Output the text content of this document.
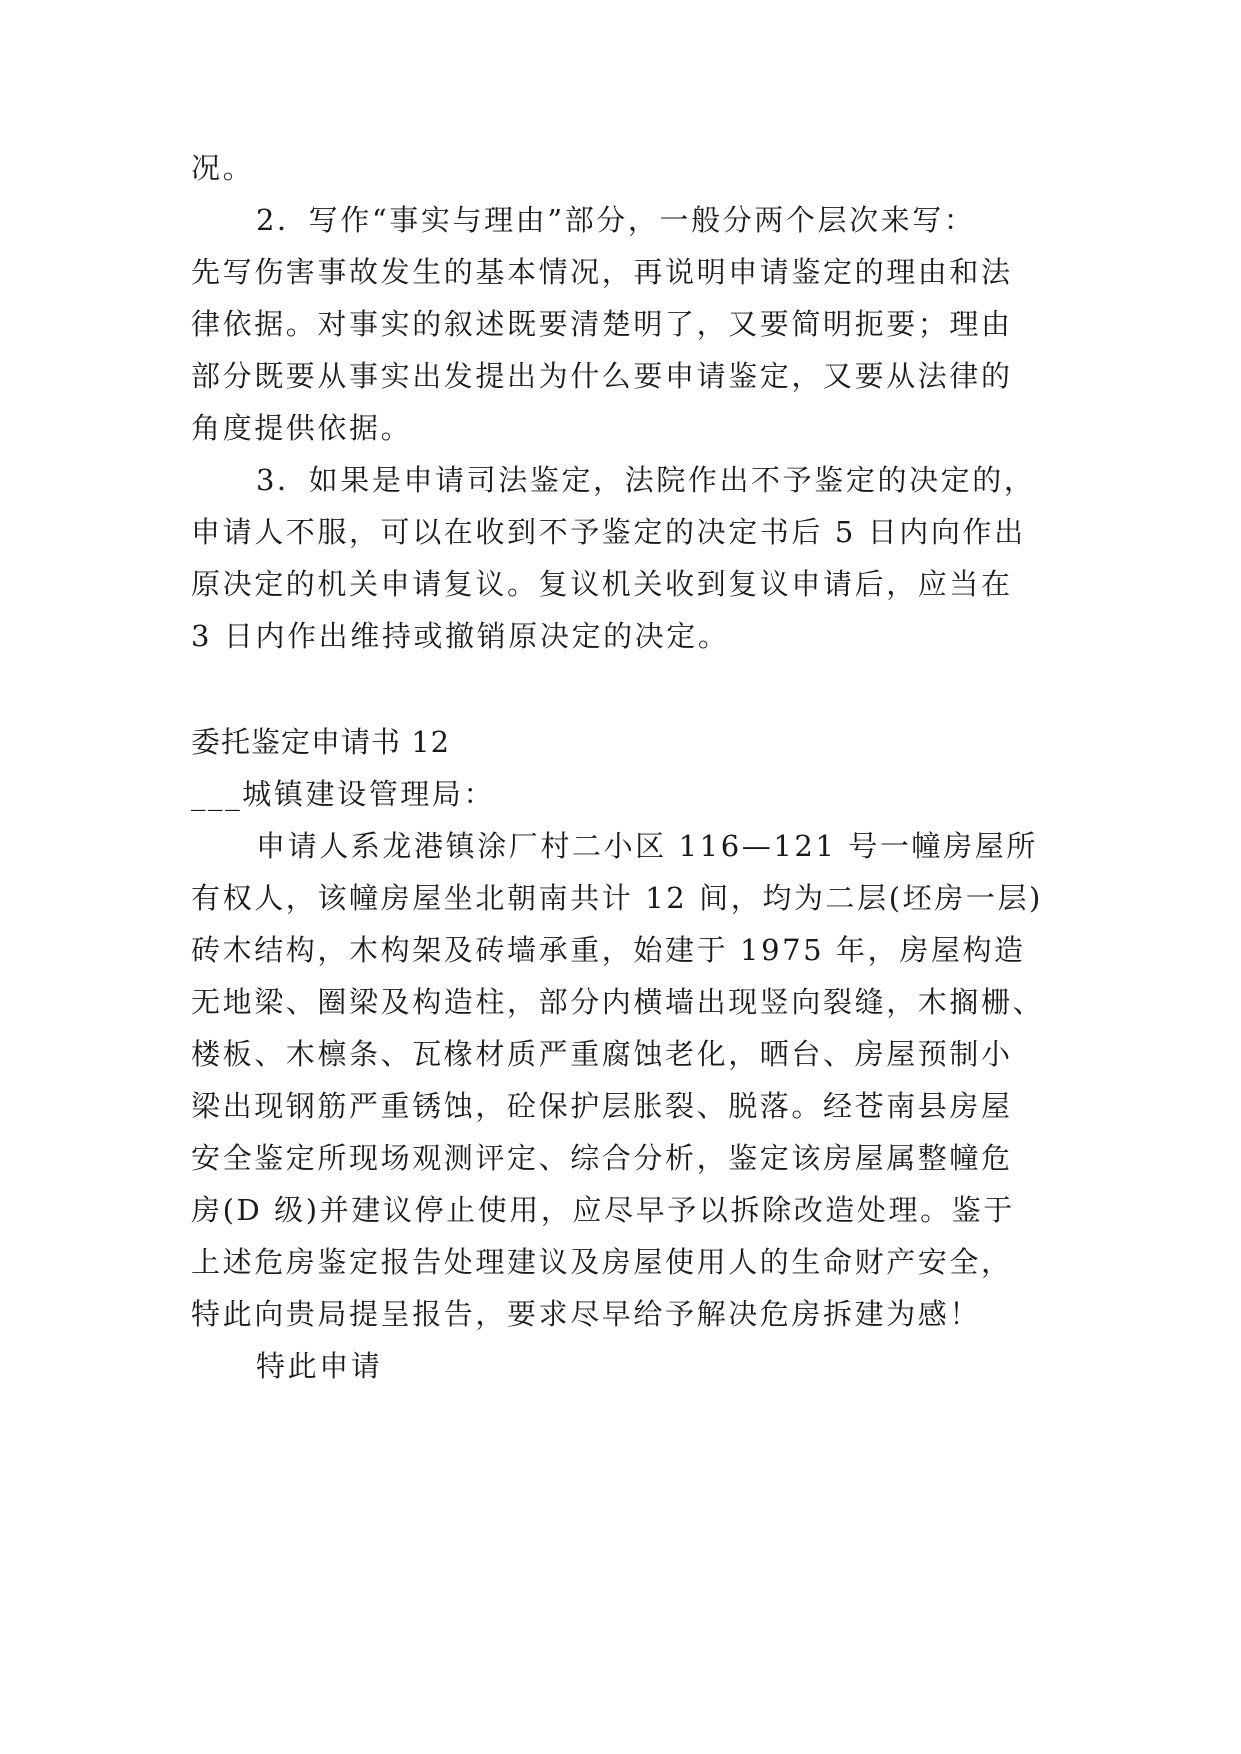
况。
2．写作“事实与理由”部分，一般分两个层次来写：
先写伤害事故发生的基本情况，再说明申请鉴定的理由和法
律依据。对事实的叙述既要清楚明了，又要简明扼要；理由
部分既要从事实出发提出为什么要申请鉴定，又要从法律的
角度提供依据。
3．如果是申请司法鉴定，法院作出不予鉴定的决定的，
申请人不服，可以在收到不予鉴定的决定书后 5 日内向作出
原决定的机关申请复议。复议机关收到复议申请后，应当在
3 日内作出维持或撤销原决定的决定。
委托鉴定申请书 12
___城镇建设管理局：
申请人系龙港镇涂厂村二小区 116—121 号一幢房屋所
有权人，该幢房屋坐北朝南共计 12 间，均为二层(坯房一层)
砖木结构，木构架及砖墙承重，始建于 1975 年，房屋构造
无地梁、圈梁及构造柱，部分内横墙出现竖向裂缝，木搁栅、
楼板、木檩条、瓦椽材质严重腐蚀老化，晒台、房屋预制小
梁出现钢筋严重锈蚀，砼保护层胀裂、脱落。经苍南县房屋
安全鉴定所现场观测评定、综合分析，鉴定该房屋属整幢危
房(D 级)并建议停止使用，应尽早予以拆除改造处理。鉴于
上述危房鉴定报告处理建议及房屋使用人的生命财产安全，
特此向贵局提呈报告，要求尽早给予解决危房拆建为感！
特此申请
